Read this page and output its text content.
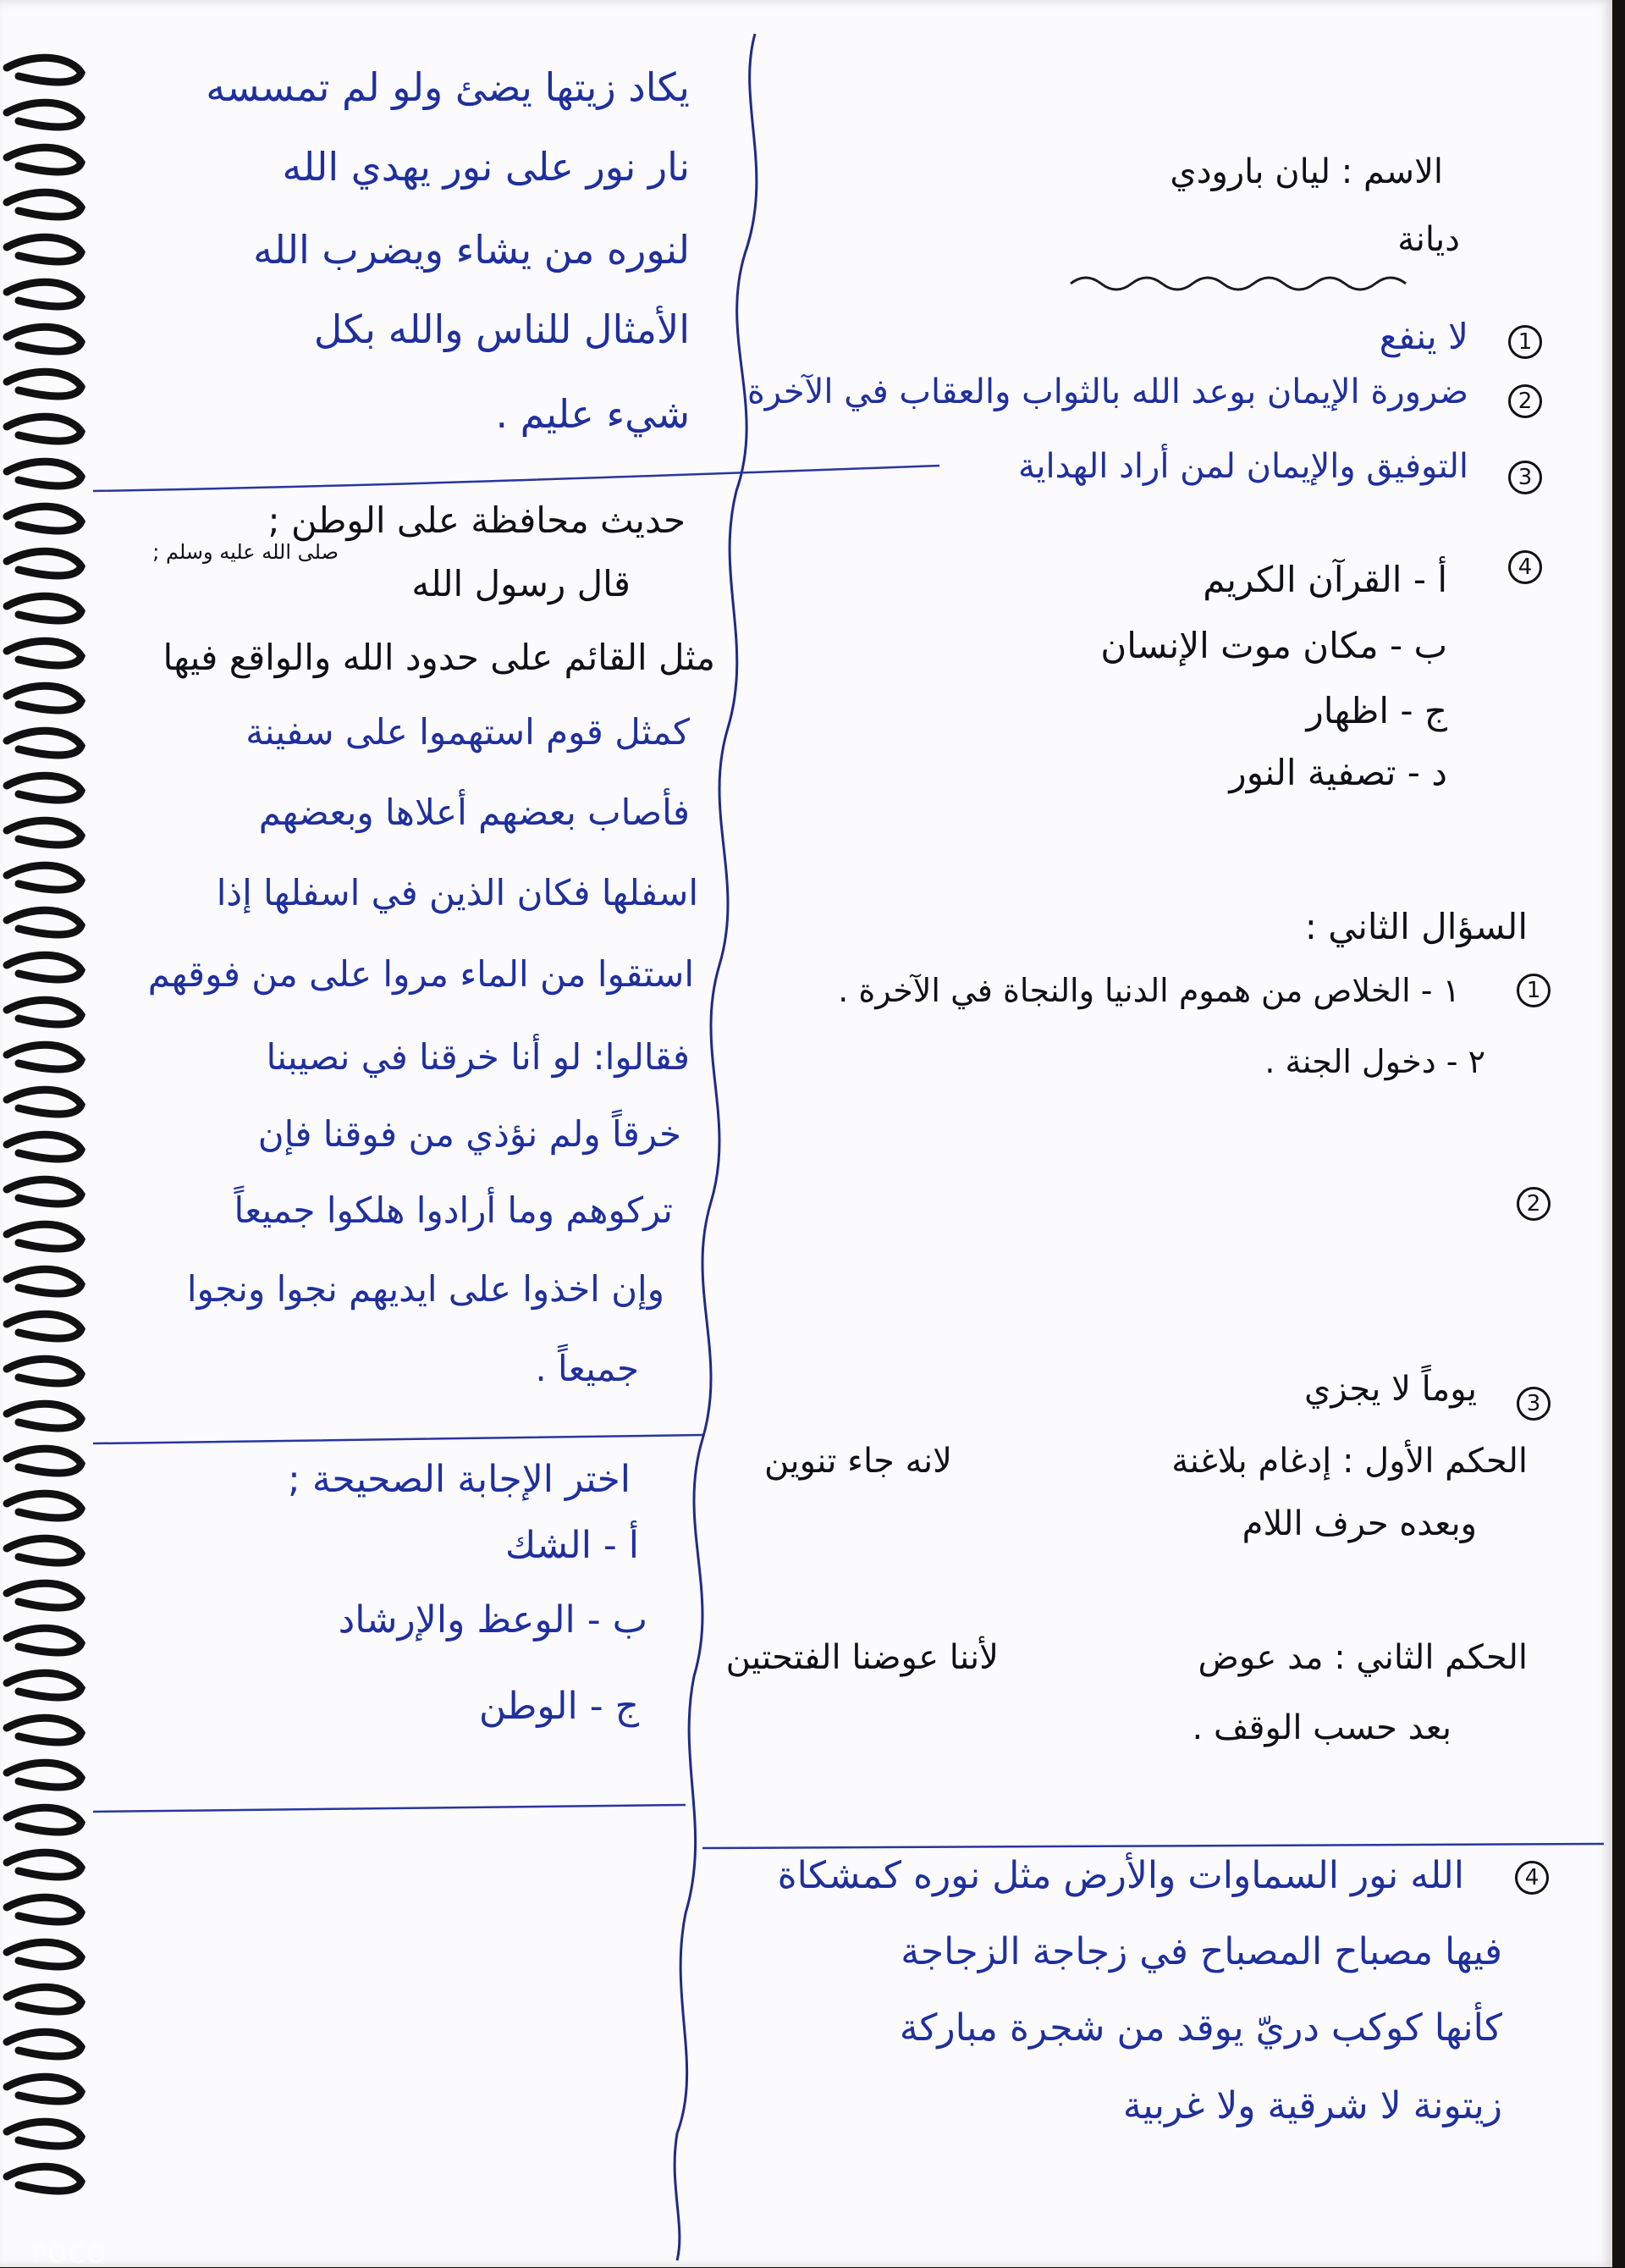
الاسم : ليان بارودي
ديانة
1
لا ينفع
2
ضرورة الإيمان بوعد الله بالثواب والعقاب في الآخرة
3
التوفيق والإيمان لمن أراد الهداية
4
أ - القرآن الكريم
ب - مكان موت الإنسان
ج - اظهار
د - تصفية النور
السؤال الثاني :
1
١ - الخلاص من هموم الدنيا والنجاة في الآخرة .
٢ - دخول الجنة .
2
3
يوماً لا يجزي
الحكم الأول : إدغام بلاغنة
لانه جاء تنوين
وبعده حرف اللام
الحكم الثاني : مد عوض
لأننا عوضنا الفتحتين
بعد حسب الوقف .
4
الله نور السماوات والأرض مثل نوره كمشكاة
فيها مصباح المصباح في زجاجة الزجاجة
كأنها كوكب دريّ يوقد من شجرة مباركة
زيتونة لا شرقية ولا غربية
يكاد زيتها يضئ ولو لم تمسسه
نار نور على نور يهدي الله
لنوره من يشاء ويضرب الله
الأمثال للناس والله بكل
شيء عليم .
حديث محافظة على الوطن ;
قال رسول الله
صلى الله عليه وسلم ;
مثل القائم على حدود الله والواقع فيها
كمثل قوم استهموا على سفينة
فأصاب بعضهم أعلاها وبعضهم
اسفلها فكان الذين في اسفلها إذا
استقوا من الماء مروا على من فوقهم
فقالوا: لو أنا خرقنا في نصيبنا
خرقاً ولم نؤذي من فوقنا فإن
تركوهم وما أرادوا هلكوا جميعاً
وإن اخذوا على ايديهم نجوا ونجوا
جميعاً .
اختر الإجابة الصحيحة ;
أ - الشك
ب - الوعظ والإرشاد
ج - الوطن
POCO
